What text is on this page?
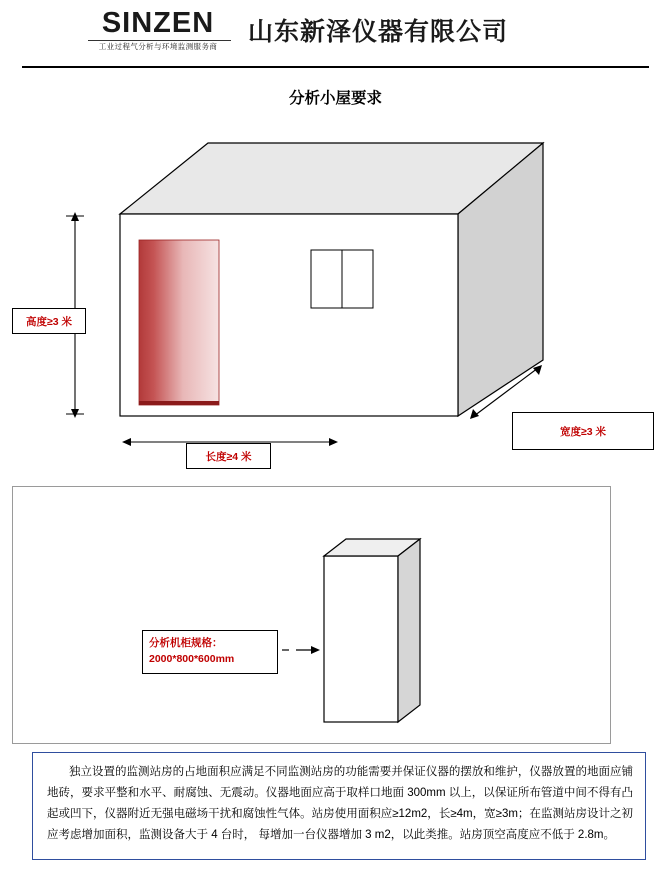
SINZEN
工业过程气分析与环境监测服务商
山东新泽仪器有限公司
分析小屋要求
高度≥3 米
长度≥4 米
宽度≥3 米
分析机柜规格：
2000*800*600mm
独立设置的监测站房的占地面积应满足不同监测站房的功能需要并保证仪器的摆放和维护，仪器放置的地面应铺地砖，要求平整和水平、耐腐蚀、无震动。仪器地面应高于取样口地面 300mm 以上，以保证所布管道中间不得有凸起或凹下，仪器附近无强电磁场干扰和腐蚀性气体。站房使用面积应≥12m2，长≥4m，宽≥3m；在监测站房设计之初应考虑增加面积，监测设备大于 4 台时， 每增加一台仪器增加 3 m2，以此类推。站房顶空高度应不低于 2.8m。
